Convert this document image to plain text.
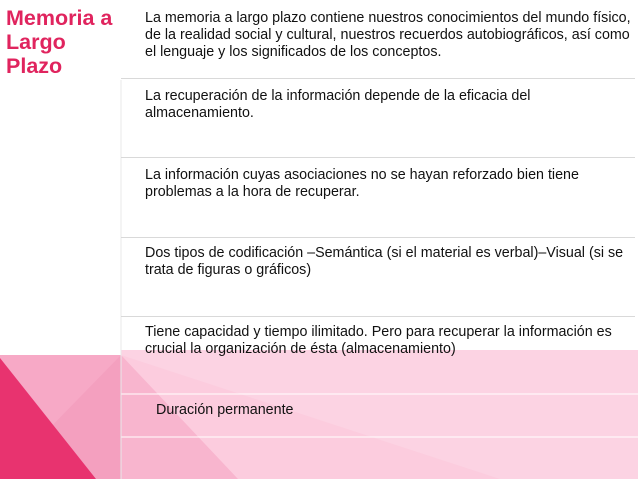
Memoria a Largo Plazo
La memoria a largo plazo contiene nuestros conocimientos del mundo físico, de la realidad social y cultural, nuestros recuerdos autobiográficos, así como el lenguaje y los significados de los conceptos.
La recuperación de la información depende de la eficacia del almacenamiento.
La información cuyas asociaciones no se hayan reforzado bien tiene problemas a la hora de recuperar.
Dos tipos de codificación –Semántica (si el material es verbal)–Visual (si se trata de figuras o gráficos)
Tiene capacidad y tiempo ilimitado. Pero para recuperar la información es crucial la organización de ésta (almacenamiento)
Duración permanente
